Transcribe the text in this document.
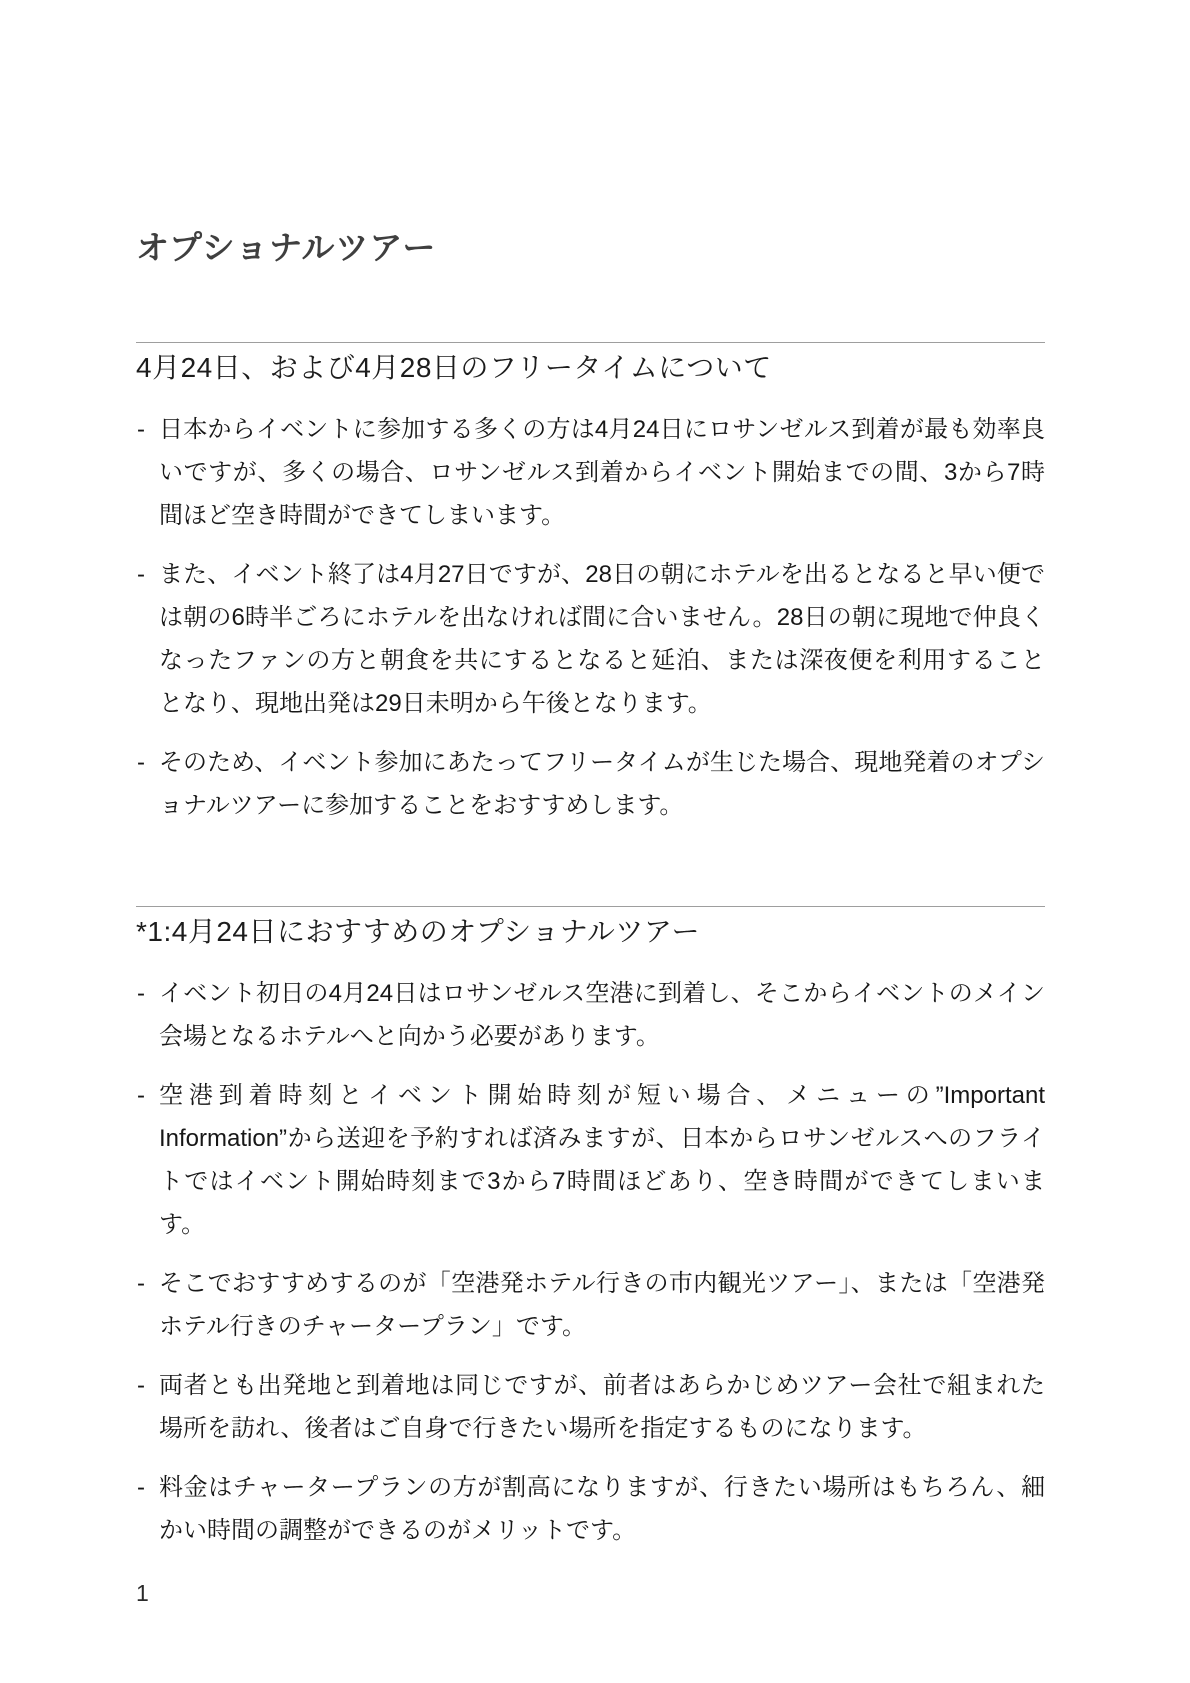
オプショナルツアー
4月24日、および4月28日のフリータイムについて
- 日本からイベントに参加する多くの方は4月24日にロサンゼルス到着が最も効率良いですが、多くの場合、ロサンゼルス到着からイベント開始までの間、3から7時間ほど空き時間ができてしまいます。
- また、イベント終了は4月27日ですが、28日の朝にホテルを出るとなると早い便では朝の6時半ごろにホテルを出なければ間に合いません。28日の朝に現地で仲良くなったファンの方と朝食を共にするとなると延泊、または深夜便を利用することとなり、現地出発は29日未明から午後となります。
- そのため、イベント参加にあたってフリータイムが生じた場合、現地発着のオプショナルツアーに参加することをおすすめします。
*1:4月24日におすすめのオプショナルツアー
- イベント初日の4月24日はロサンゼルス空港に到着し、そこからイベントのメイン会場となるホテルへと向かう必要があります。
- 空港到着時刻とイベント開始時刻が短い場合、メニューの”Important Information”から送迎を予約すれば済みますが、日本からロサンゼルスへのフライトではイベント開始時刻まで3から7時間ほどあり、空き時間ができてしまいます。
- そこでおすすめするのが「空港発ホテル行きの市内観光ツアー」、または「空港発ホテル行きのチャータープラン」です。
- 両者とも出発地と到着地は同じですが、前者はあらかじめツアー会社で組まれた場所を訪れ、後者はご自身で行きたい場所を指定するものになります。
- 料金はチャータープランの方が割高になりますが、行きたい場所はもちろん、細かい時間の調整ができるのがメリットです。
1
